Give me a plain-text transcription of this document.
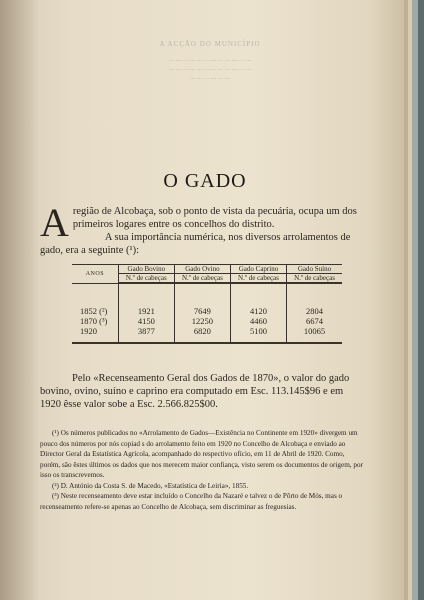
A ACÇÃO DO MUNICÍPIO
... ... ... ... ... ... ... ... ... ... ... ...
... ... ... ... ... ... ... ... ... ... ... ...
... ... ... ... ... ...
O GADO
A região de Alcobaça, sob o ponto de vista da pecuária, ocupa um dos primeiros logares entre os concelhos do distrito.
A sua importância numérica, nos diversos arrolamentos de gado, era a seguinte (¹):
ANOS	Gado Bovino	Gado Ovino	Gado Caprino	Gado Suíno
	N.º de cabeças	N.º de cabeças	N.º de cabeças	N.º de cabeças
1852 (²)	1921	7649	4120	2804
1870 (³)	4150	12250	4460	6674
1920	3877	6820	5100	10065
Pelo «Recenseamento Geral dos Gados de 1870», o valor do gado bovino, ovino, suíno e caprino era computado em Esc. 113.145$96 e em 1920 êsse valor sobe a Esc. 2.566.825$00.

(¹) Os números publicados no «Arrolamento de Gados—Existência no Continente em 1920» divergem um pouco dos números por nós copiad s do arrolamento feito em 1920 no Concelho de Alcobaça e enviado ao Director Geral da Estatística Agrícola, acompanhado do respectivo ofício, em 11 de Abril de 1920. Como, porém, são êstes últimos os dados que nos merecem maior confiança, visto serem os documentos de origem, por isso os transcrevemos.

(²) D. António da Costa S. de Macedo, «Estatística de Leiria», 1855.

(³) Neste recenseamento deve estar incluído o Concelho da Nazaré e talvez o de Pôrto de Mós, mas o recenseamento refere-se apenas ao Concelho de Alcobaça, sem discriminar as freguesias.
